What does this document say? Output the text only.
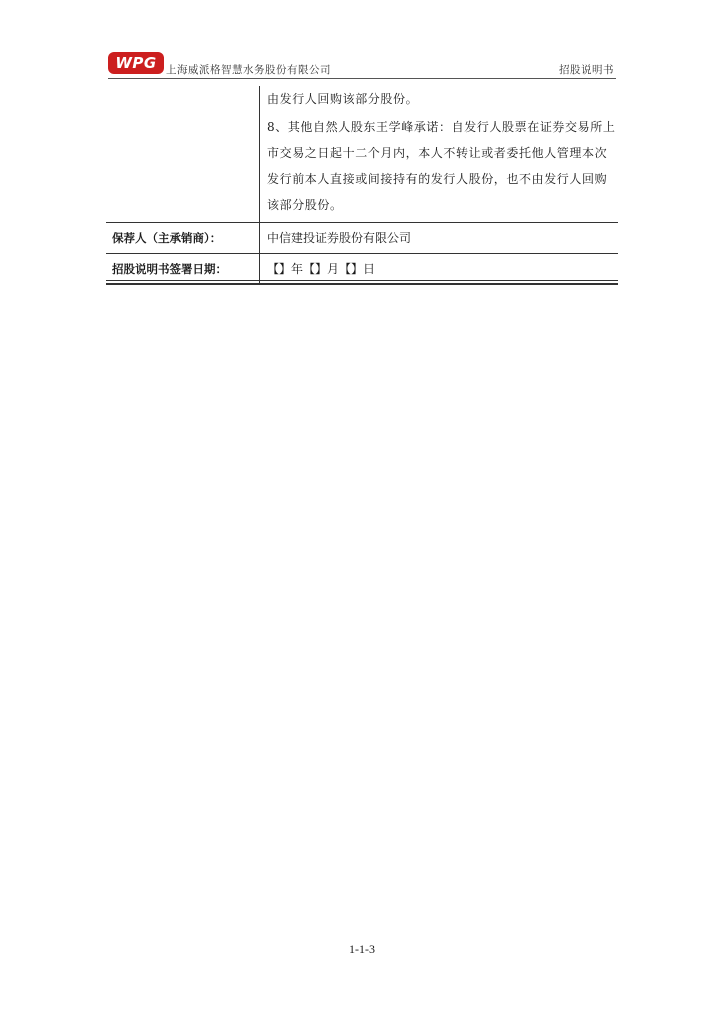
WPG 上海威派格智慧水务股份有限公司	招股说明书

	由发行人回购该部分股份。

8、其他自然人股东王学峰承诺：自发行人股票在证券交易所上市交易之日起十二个月内，本人不转让或者委托他人管理本次发行前本人直接或间接持有的发行人股份，也不由发行人回购该部分股份。

保荐人（主承销商）：	中信建投证券股份有限公司
招股说明书签署日期：	【】年【】月【】日
1-1-3
